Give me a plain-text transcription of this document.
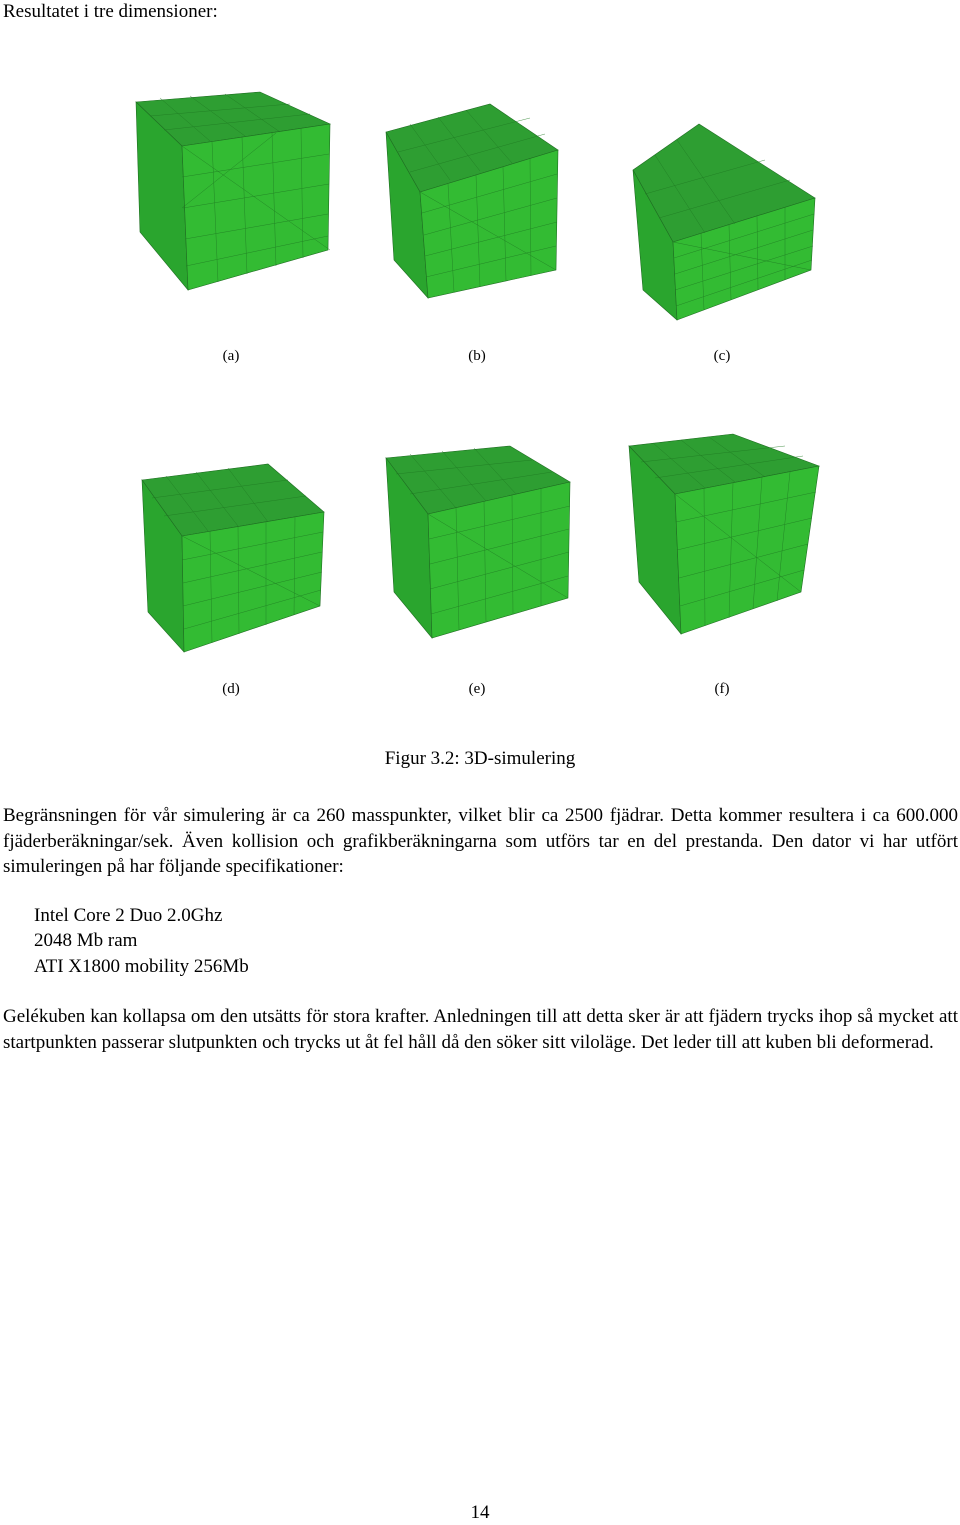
Resultatet i tre dimensioner:
(a)	(b)	(c)
(d)	(e)	(f)
Figur 3.2: 3D-simulering

Begränsningen för vår simulering är ca 260 masspunkter, vilket blir ca 2500 fjädrar. Detta kommer resultera i ca 600.000 fjäderberäkningar/sek. Även kollision och grafikberäkningarna som utförs tar en del prestanda. Den dator vi har utfört simuleringen på har följande specifikationer:

Intel Core 2 Duo 2.0Ghz
2048 Mb ram
ATI X1800 mobility 256Mb

Gelékuben kan kollapsa om den utsätts för stora krafter. Anledningen till att detta sker är att fjädern trycks ihop så mycket att startpunkten passerar slutpunkten och trycks ut åt fel håll då den söker sitt viloläge. Det leder till att kuben bli deformerad.

14
